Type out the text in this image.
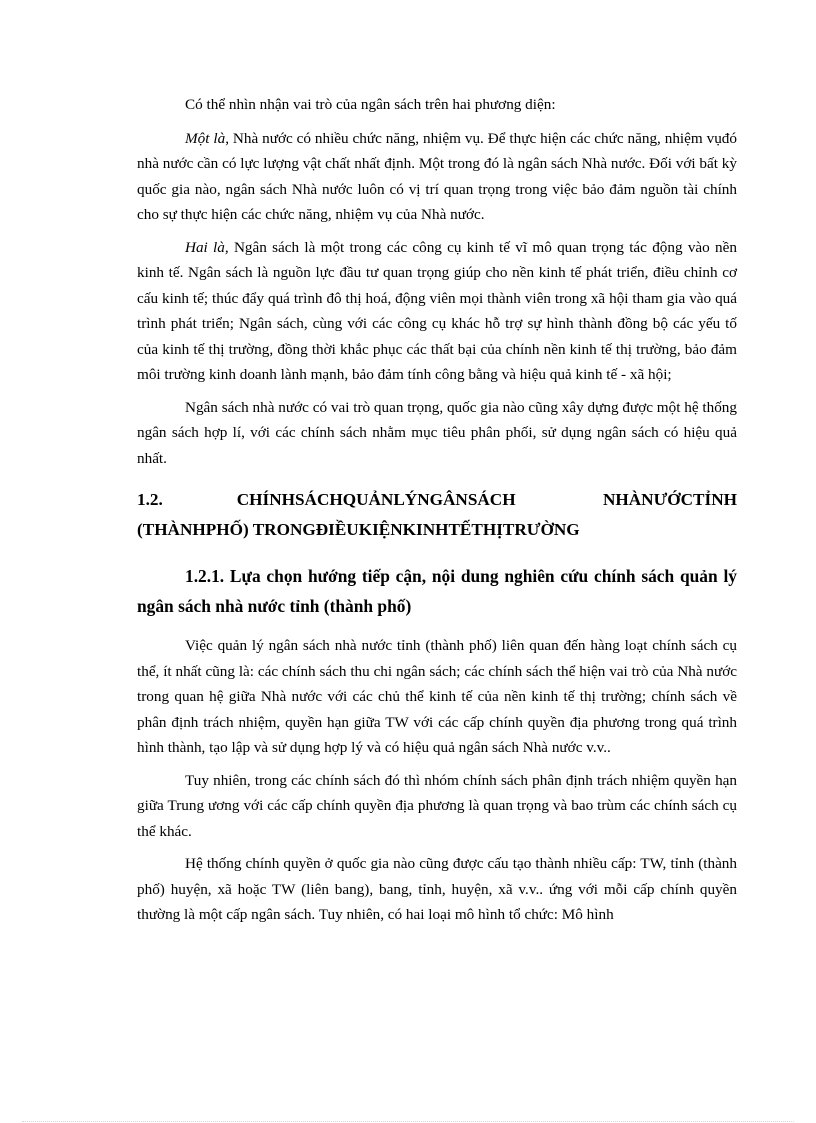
Có thể nhìn nhận vai trò của ngân sách trên hai phương diện:

Một là, Nhà nước có nhiều chức năng, nhiệm vụ. Để thực hiện các chức năng, nhiệm vụđó nhà nước cần có lực lượng vật chất nhất định. Một trong đó là ngân sách Nhà nước. Đối với bất kỳ quốc gia nào, ngân sách Nhà nước luôn có vị trí quan trọng trong việc bảo đảm nguồn tài chính cho sự thực hiện các chức năng, nhiệm vụ của Nhà nước.

Hai là, Ngân sách là một trong các công cụ kinh tế vĩ mô quan trọng tác động vào nền kinh tế. Ngân sách là nguồn lực đầu tư quan trọng giúp cho nền kinh tế phát triển, điều chỉnh cơ cấu kinh tế; thúc đẩy quá trình đô thị hoá, động viên mọi thành viên trong xã hội tham gia vào quá trình phát triển; Ngân sách, cùng với các công cụ khác hỗ trợ sự hình thành đồng bộ các yếu tố của kinh tế thị trường, đồng thời khắc phục các thất bại của chính nền kinh tế thị trường, bảo đảm môi trường kinh doanh lành mạnh, bảo đảm tính công bằng và hiệu quả kinh tế - xã hội;

Ngân sách nhà nước có vai trò quan trọng, quốc gia nào cũng xây dựng được một hệ thống ngân sách hợp lí, với các chính sách nhằm mục tiêu phân phối, sử dụng ngân sách có hiệu quả nhất.

1.2.           CHÍNHSÁCHQUẢNLÝNGÂNSÁCH             NHÀNƯỚCTỈNH
(THÀNHPHỐ) TRONGĐIỀUKIỆNKINHTẾTHỊTRƯỜNG
1.2.1. Lựa chọn hướng tiếp cận, nội dung nghiên cứu chính sách quản lý ngân sách nhà nước tỉnh (thành phố)

Việc quản lý ngân sách nhà nước tỉnh (thành phố) liên quan đến hàng loạt chính sách cụ thể, ít nhất cũng là: các chính sách thu chi ngân sách; các chính sách thể hiện vai trò của Nhà nước trong quan hệ giữa Nhà nước với các chủ thể kinh tế của nền kinh tế thị trường; chính sách về phân định trách nhiệm, quyền hạn giữa TW với các cấp chính quyền địa phương trong quá trình hình thành, tạo lập và sử dụng hợp lý và có hiệu quả ngân sách Nhà nước v.v..

Tuy nhiên, trong các chính sách đó thì nhóm chính sách phân định trách nhiệm quyền hạn giữa Trung ương với các cấp chính quyền địa phương là quan trọng và bao trùm các chính sách cụ thể khác.

Hệ thống chính quyền ở quốc gia nào cũng được cấu tạo thành nhiều cấp: TW, tỉnh (thành phố) huyện, xã hoặc TW (liên bang), bang, tỉnh, huyện, xã v.v.. ứng với mỗi cấp chính quyền thường là một cấp ngân sách. Tuy nhiên, có hai loại mô hình tổ chức: Mô hình
